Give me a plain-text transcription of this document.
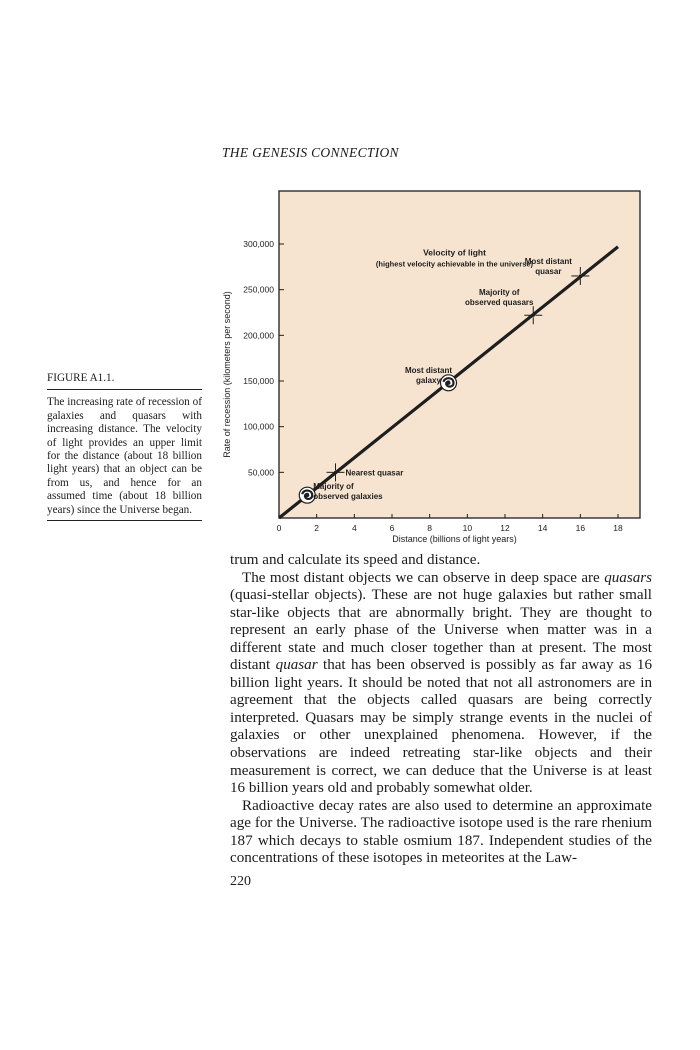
THE GENESIS CONNECTION
FIGURE A1.1.
The increasing rate of recession of galaxies and quasars with increasing distance. The velocity of light provides an upper limit for the distance (about 18 billion light years) that an object can be from us, and hence for an assumed time (about 18 billion years) since the Universe began.
Rate of recession (kilometers per second)
Distance (billions of light years)
Velocity of light
(highest velocity achievable in the universe)
0	2	4	6	8	10	12	14	16	18
50,000
100,000
150,000
200,000
250,000
300,000
Majority of observed galaxies
Nearest quasar
Most distant galaxy
Majority of observed quasars
Most distant quasar

trum and calculate its speed and distance.

The most distant objects we can observe in deep space are quasars (quasi-stellar objects). These are not huge galaxies but rather small star-like objects that are abnormally bright. They are thought to represent an early phase of the Universe when matter was in a different state and much closer together than at present. The most distant quasar that has been observed is possibly as far away as 16 billion light years. It should be noted that not all astronomers are in agreement that the objects called quasars are being correctly interpreted. Quasars may be simply strange events in the nuclei of galaxies or other unexplained phenomena. However, if the observations are indeed retreating star-like objects and their measurement is correct, we can deduce that the Universe is at least 16 billion years old and probably somewhat older.

Radioactive decay rates are also used to determine an approximate age for the Universe. The radioactive isotope used is the rare rhenium 187 which decays to stable osmium 187. Independent studies of the concentrations of these isotopes in meteorites at the Law-

220
